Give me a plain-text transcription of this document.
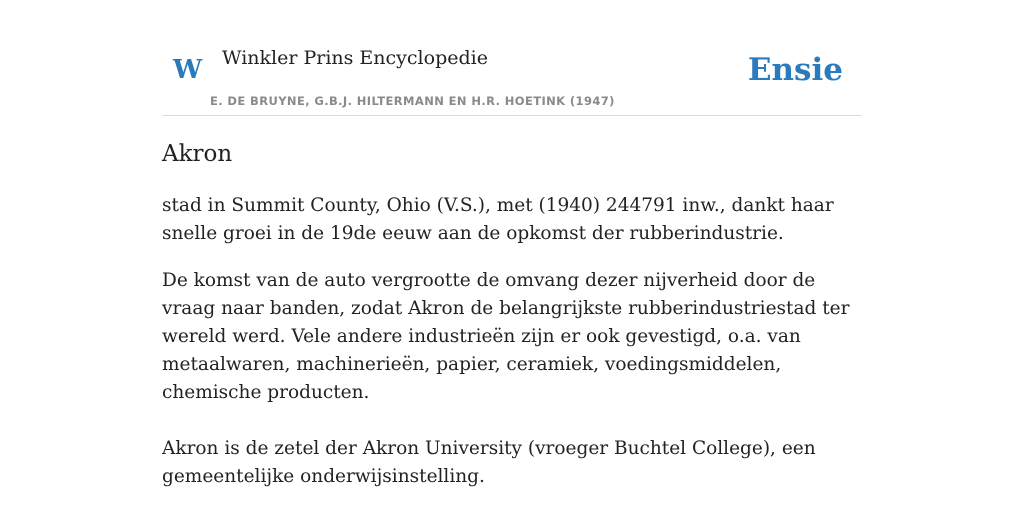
W Winkler Prins Encyclopedie	Ensie
E. DE BRUYNE, G.B.J. HILTERMANN EN H.R. HOETINK (1947)
Akron

stad in Summit County, Ohio (V.S.), met (1940) 244791 inw., dankt haar snelle groei in de 19de eeuw aan de opkomst der rubberindustrie.

De komst van de auto vergrootte de omvang dezer nijverheid door de vraag naar banden, zodat Akron de belangrijkste rubberindustriestad ter wereld werd. Vele andere industrieën zijn er ook gevestigd, o.a. van metaalwaren, machinerieën, papier, ceramiek, voedingsmiddelen, chemische producten.

Akron is de zetel der Akron University (vroeger Buchtel College), een gemeentelijke onderwijsinstelling.
